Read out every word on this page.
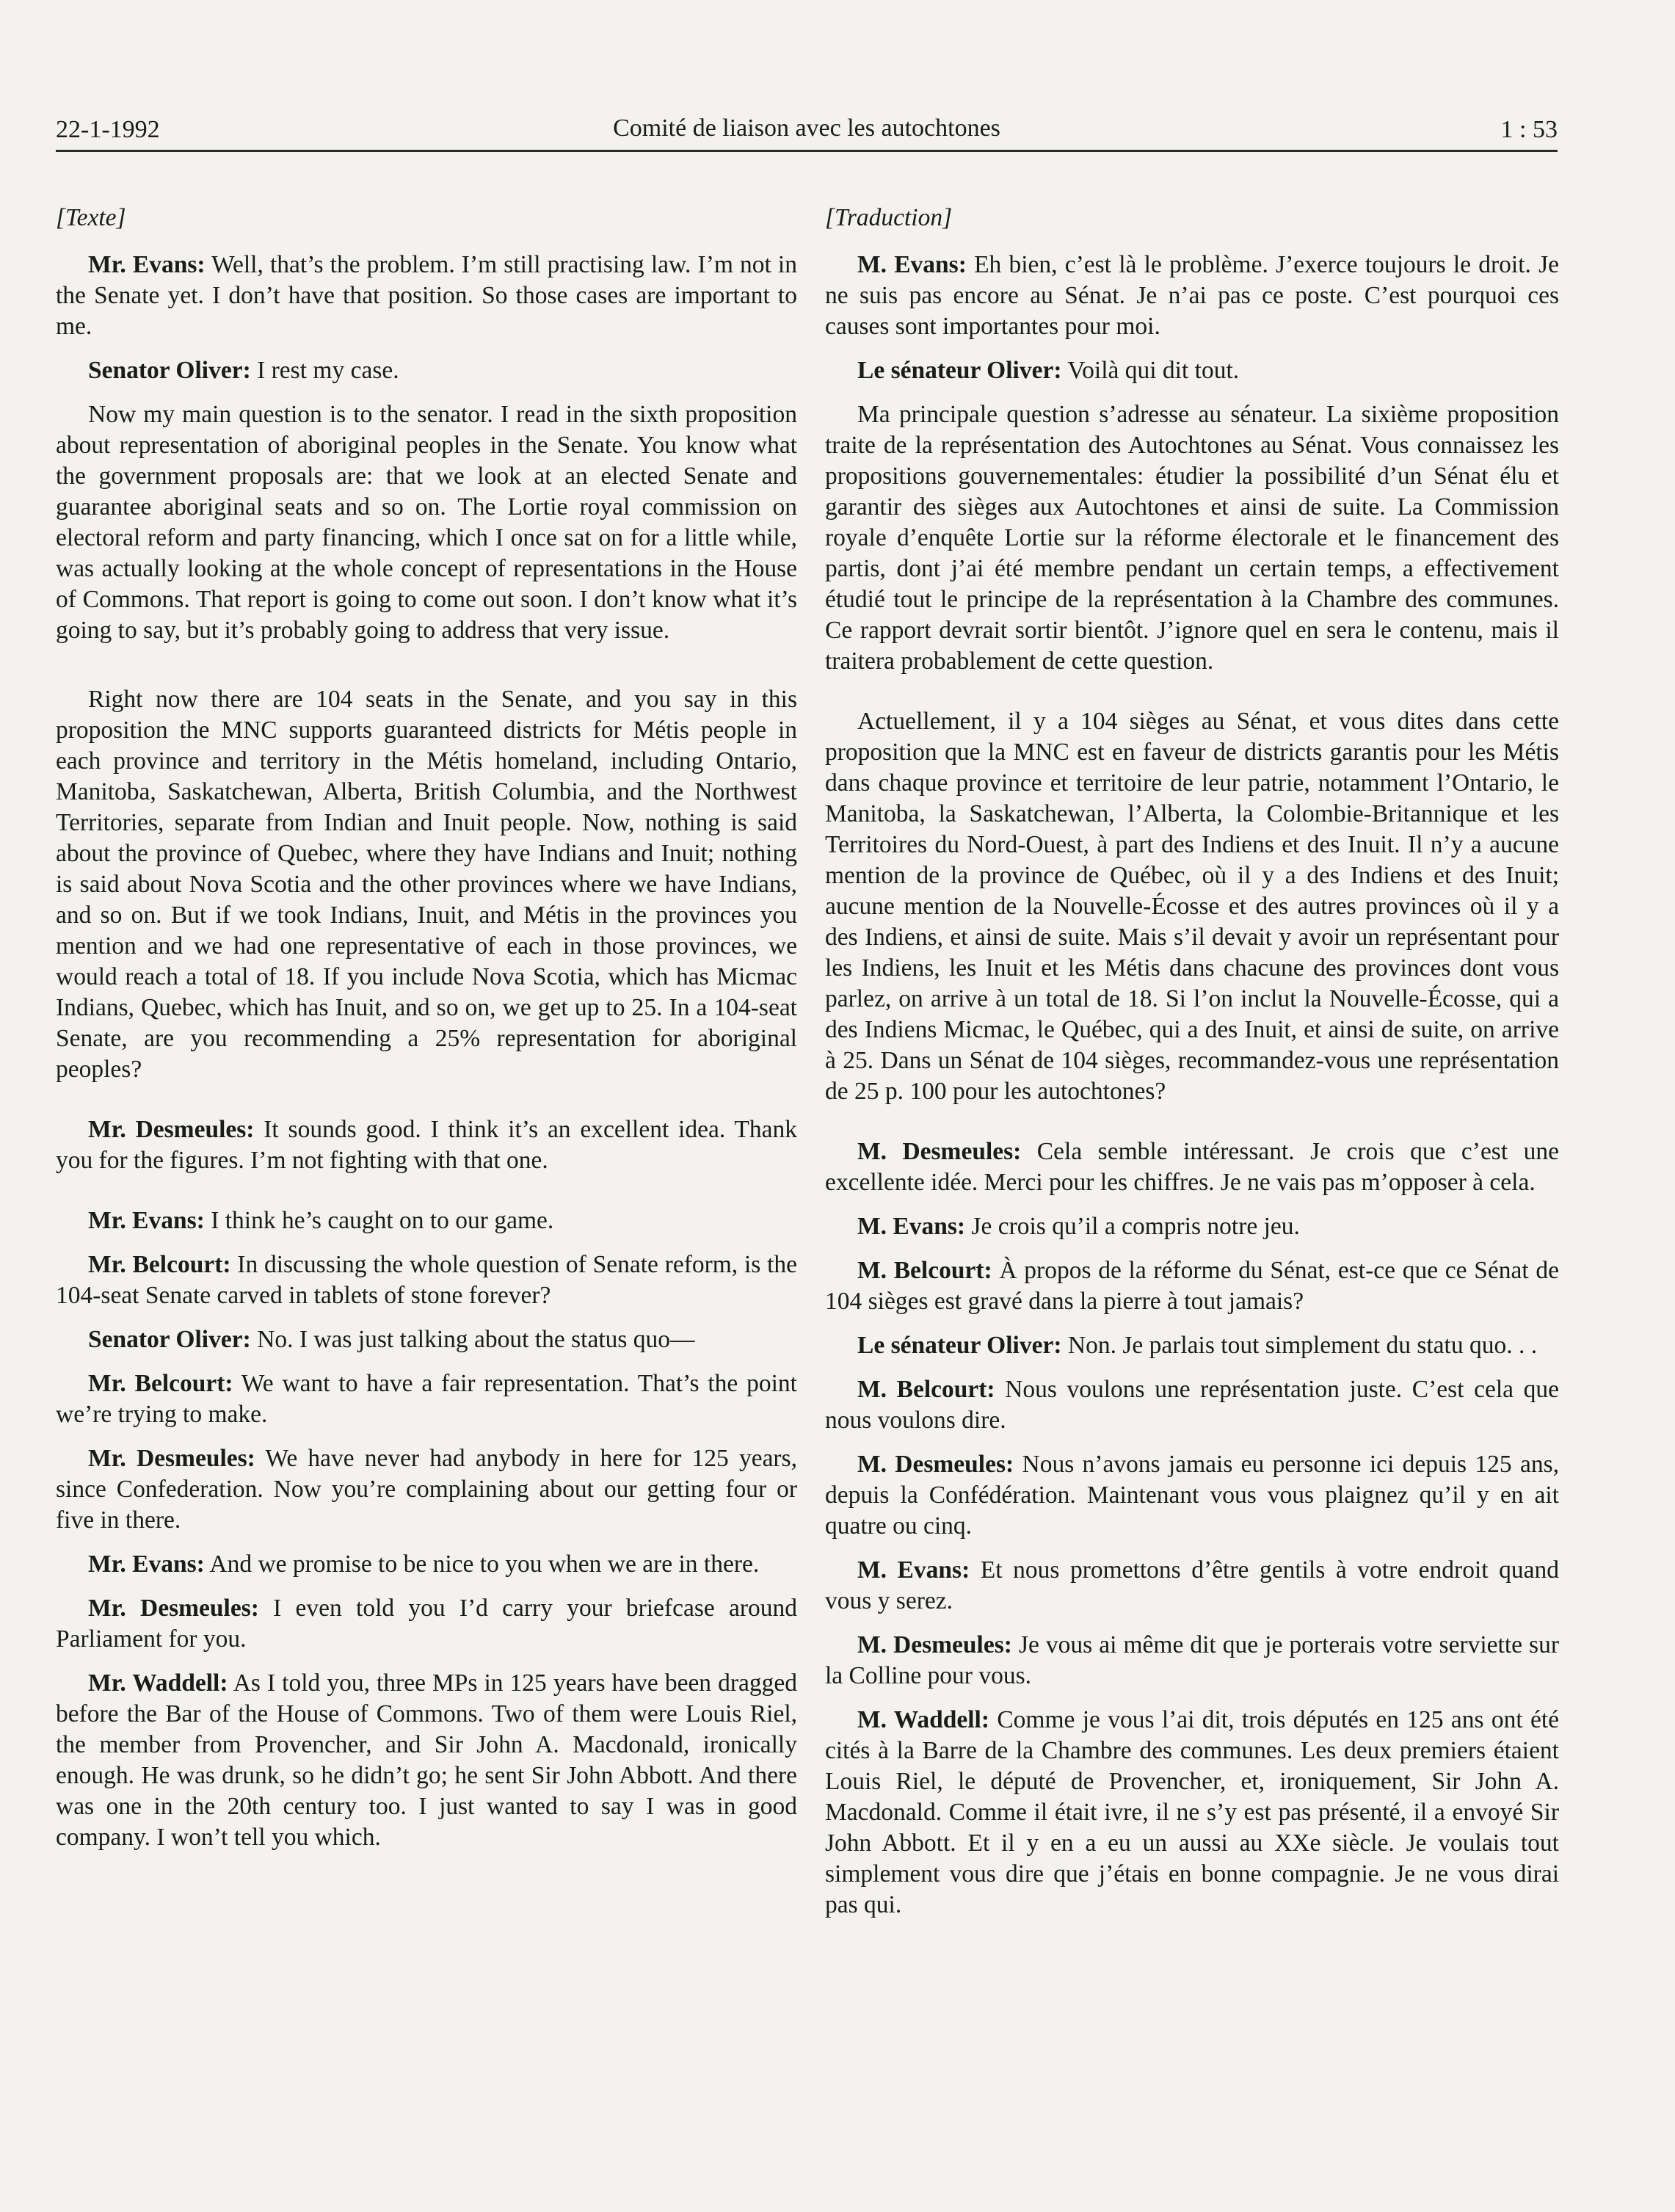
22-1-1992	Comité de liaison avec les autochtones	1 : 53
[Texte]

Mr. Evans: Well, that’s the problem. I’m still practising law. I’m not in the Senate yet. I don’t have that position. So those cases are important to me.

Senator Oliver: I rest my case.

Now my main question is to the senator. I read in the sixth proposition about representation of aboriginal peoples in the Senate. You know what the government proposals are: that we look at an elected Senate and guarantee aboriginal seats and so on. The Lortie royal commission on electoral reform and party financing, which I once sat on for a little while, was actually looking at the whole concept of representations in the House of Commons. That report is going to come out soon. I don’t know what it’s going to say, but it’s probably going to address that very issue.

Right now there are 104 seats in the Senate, and you say in this proposition the MNC supports guaranteed districts for Métis people in each province and territory in the Métis homeland, including Ontario, Manitoba, Saskatchewan, Alberta, British Columbia, and the Northwest Territories, separate from Indian and Inuit people. Now, nothing is said about the province of Quebec, where they have Indians and Inuit; nothing is said about Nova Scotia and the other provinces where we have Indians, and so on. But if we took Indians, Inuit, and Métis in the provinces you mention and we had one representative of each in those provinces, we would reach a total of 18. If you include Nova Scotia, which has Micmac Indians, Quebec, which has Inuit, and so on, we get up to 25. In a 104-seat Senate, are you recommending a 25% representation for aboriginal peoples?

Mr. Desmeules: It sounds good. I think it’s an excellent idea. Thank you for the figures. I’m not fighting with that one.

Mr. Evans: I think he’s caught on to our game.

Mr. Belcourt: In discussing the whole question of Senate reform, is the 104-seat Senate carved in tablets of stone forever?

Senator Oliver: No. I was just talking about the status quo—

Mr. Belcourt: We want to have a fair representation. That’s the point we’re trying to make.

Mr. Desmeules: We have never had anybody in here for 125 years, since Confederation. Now you’re complaining about our getting four or five in there.

Mr. Evans: And we promise to be nice to you when we are in there.

Mr. Desmeules: I even told you I’d carry your briefcase around Parliament for you.

Mr. Waddell: As I told you, three MPs in 125 years have been dragged before the Bar of the House of Commons. Two of them were Louis Riel, the member from Provencher, and Sir John A. Macdonald, ironically enough. He was drunk, so he didn’t go; he sent Sir John Abbott. And there was one in the 20th century too. I just wanted to say I was in good company. I won’t tell you which.

[Traduction]

M. Evans: Eh bien, c’est là le problème. J’exerce toujours le droit. Je ne suis pas encore au Sénat. Je n’ai pas ce poste. C’est pourquoi ces causes sont importantes pour moi.

Le sénateur Oliver: Voilà qui dit tout.

Ma principale question s’adresse au sénateur. La sixième proposition traite de la représentation des Autochtones au Sénat. Vous connaissez les propositions gouvernementales: étudier la possibilité d’un Sénat élu et garantir des sièges aux Autochtones et ainsi de suite. La Commission royale d’enquête Lortie sur la réforme électorale et le financement des partis, dont j’ai été membre pendant un certain temps, a effectivement étudié tout le principe de la représentation à la Chambre des communes. Ce rapport devrait sortir bientôt. J’ignore quel en sera le contenu, mais il traitera probablement de cette question.

Actuellement, il y a 104 sièges au Sénat, et vous dites dans cette proposition que la MNC est en faveur de districts garantis pour les Métis dans chaque province et territoire de leur patrie, notamment l’Ontario, le Manitoba, la Saskatchewan, l’Alberta, la Colombie-Britannique et les Territoires du Nord-Ouest, à part des Indiens et des Inuit. Il n’y a aucune mention de la province de Québec, où il y a des Indiens et des Inuit; aucune mention de la Nouvelle-Écosse et des autres provinces où il y a des Indiens, et ainsi de suite. Mais s’il devait y avoir un représentant pour les Indiens, les Inuit et les Métis dans chacune des provinces dont vous parlez, on arrive à un total de 18. Si l’on inclut la Nouvelle-Écosse, qui a des Indiens Micmac, le Québec, qui a des Inuit, et ainsi de suite, on arrive à 25. Dans un Sénat de 104 sièges, recommandez-vous une représentation de 25 p. 100 pour les autochtones?

M. Desmeules: Cela semble intéressant. Je crois que c’est une excellente idée. Merci pour les chiffres. Je ne vais pas m’opposer à cela.

M. Evans: Je crois qu’il a compris notre jeu.

M. Belcourt: À propos de la réforme du Sénat, est-ce que ce Sénat de 104 sièges est gravé dans la pierre à tout jamais?

Le sénateur Oliver: Non. Je parlais tout simplement du statu quo. . .

M. Belcourt: Nous voulons une représentation juste. C’est cela que nous voulons dire.

M. Desmeules: Nous n’avons jamais eu personne ici depuis 125 ans, depuis la Confédération. Maintenant vous vous plaignez qu’il y en ait quatre ou cinq.

M. Evans: Et nous promettons d’être gentils à votre endroit quand vous y serez.

M. Desmeules: Je vous ai même dit que je porterais votre serviette sur la Colline pour vous.

M. Waddell: Comme je vous l’ai dit, trois députés en 125 ans ont été cités à la Barre de la Chambre des communes. Les deux premiers étaient Louis Riel, le député de Provencher, et, ironiquement, Sir John A. Macdonald. Comme il était ivre, il ne s’y est pas présenté, il a envoyé Sir John Abbott. Et il y en a eu un aussi au XXe siècle. Je voulais tout simplement vous dire que j’étais en bonne compagnie. Je ne vous dirai pas qui.
